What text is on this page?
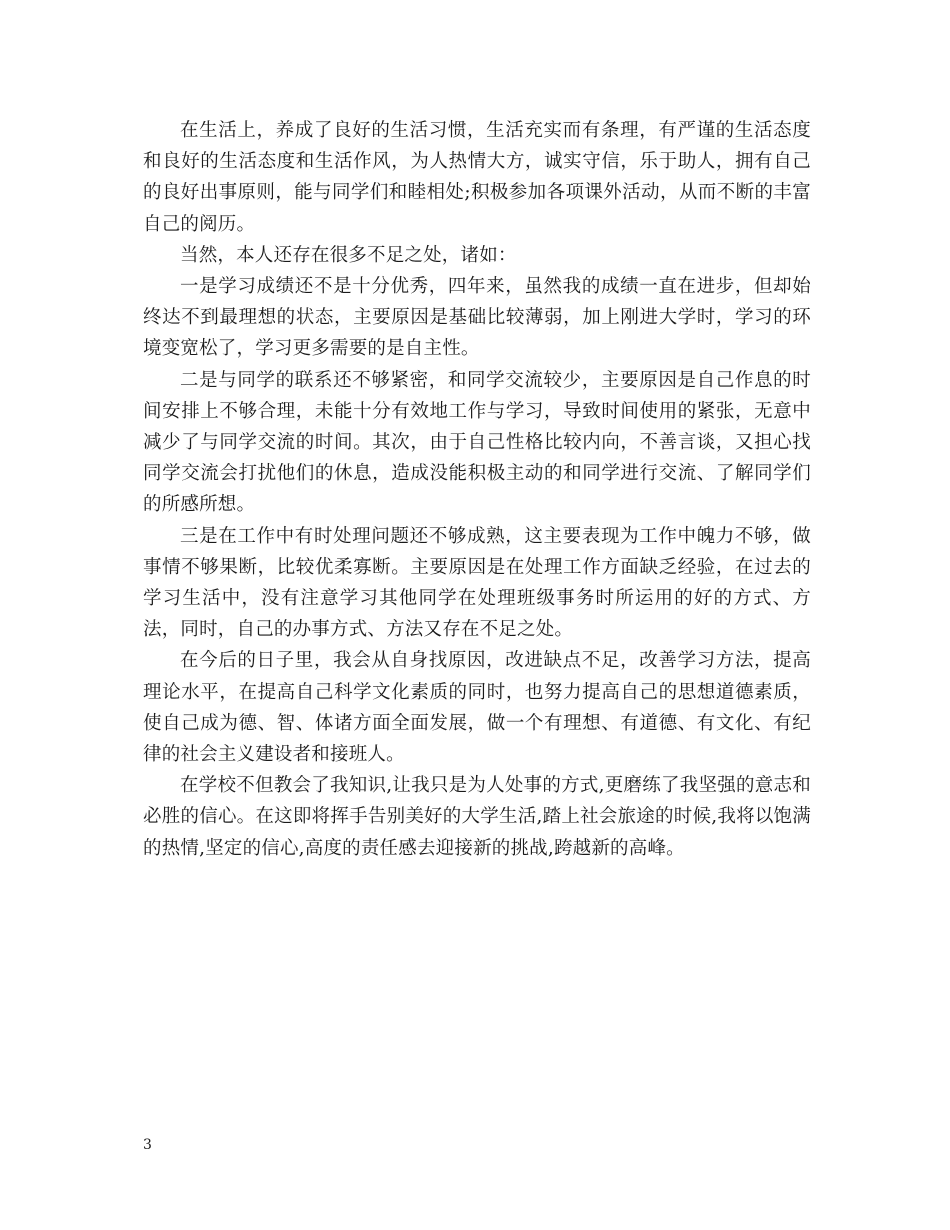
在生活上，养成了良好的生活习惯，生活充实而有条理，有严谨的生活态度和良好的生活态度和生活作风，为人热情大方，诚实守信，乐于助人，拥有自己的良好出事原则，能与同学们和睦相处;积极参加各项课外活动，从而不断的丰富自己的阅历。

当然，本人还存在很多不足之处，诸如：

一是学习成绩还不是十分优秀，四年来，虽然我的成绩一直在进步，但却始终达不到最理想的状态，主要原因是基础比较薄弱，加上刚进大学时，学习的环境变宽松了，学习更多需要的是自主性。

二是与同学的联系还不够紧密，和同学交流较少，主要原因是自己作息的时间安排上不够合理，未能十分有效地工作与学习，导致时间使用的紧张，无意中减少了与同学交流的时间。其次，由于自己性格比较内向，不善言谈，又担心找同学交流会打扰他们的休息，造成没能积极主动的和同学进行交流、了解同学们的所感所想。

三是在工作中有时处理问题还不够成熟，这主要表现为工作中魄力不够，做事情不够果断，比较优柔寡断。主要原因是在处理工作方面缺乏经验，在过去的学习生活中，没有注意学习其他同学在处理班级事务时所运用的好的方式、方法，同时，自己的办事方式、方法又存在不足之处。

在今后的日子里，我会从自身找原因，改进缺点不足，改善学习方法，提高理论水平，在提高自己科学文化素质的同时，也努力提高自己的思想道德素质，使自己成为德、智、体诸方面全面发展，做一个有理想、有道德、有文化、有纪律的社会主义建设者和接班人。

在学校不但教会了我知识,让我只是为人处事的方式,更磨练了我坚强的意志和必胜的信心。在这即将挥手告别美好的大学生活,踏上社会旅途的时候,我将以饱满的热情,坚定的信心,高度的责任感去迎接新的挑战,跨越新的高峰。

3
